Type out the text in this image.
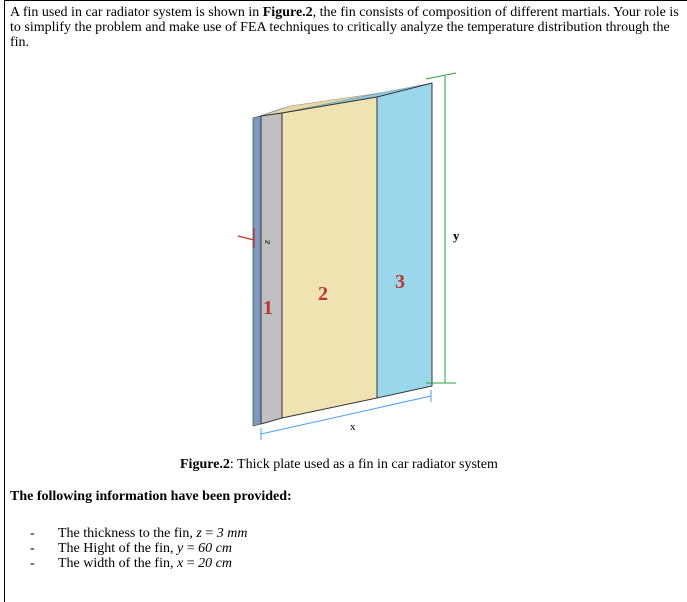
A fin used in car radiator system is shown in Figure.2, the fin consists of composition of different martials. Your role is to simplify the problem and make use of FEA techniques to critically analyze the temperature distribution through the fin.

y
x
z
1
2
3

Figure.2: Thick plate used as a fin in car radiator system

The following information have been provided:

- The thickness to the fin, z = 3 mm
- The Hight of the fin, y = 60 cm
- The width of the fin, x = 20 cm
